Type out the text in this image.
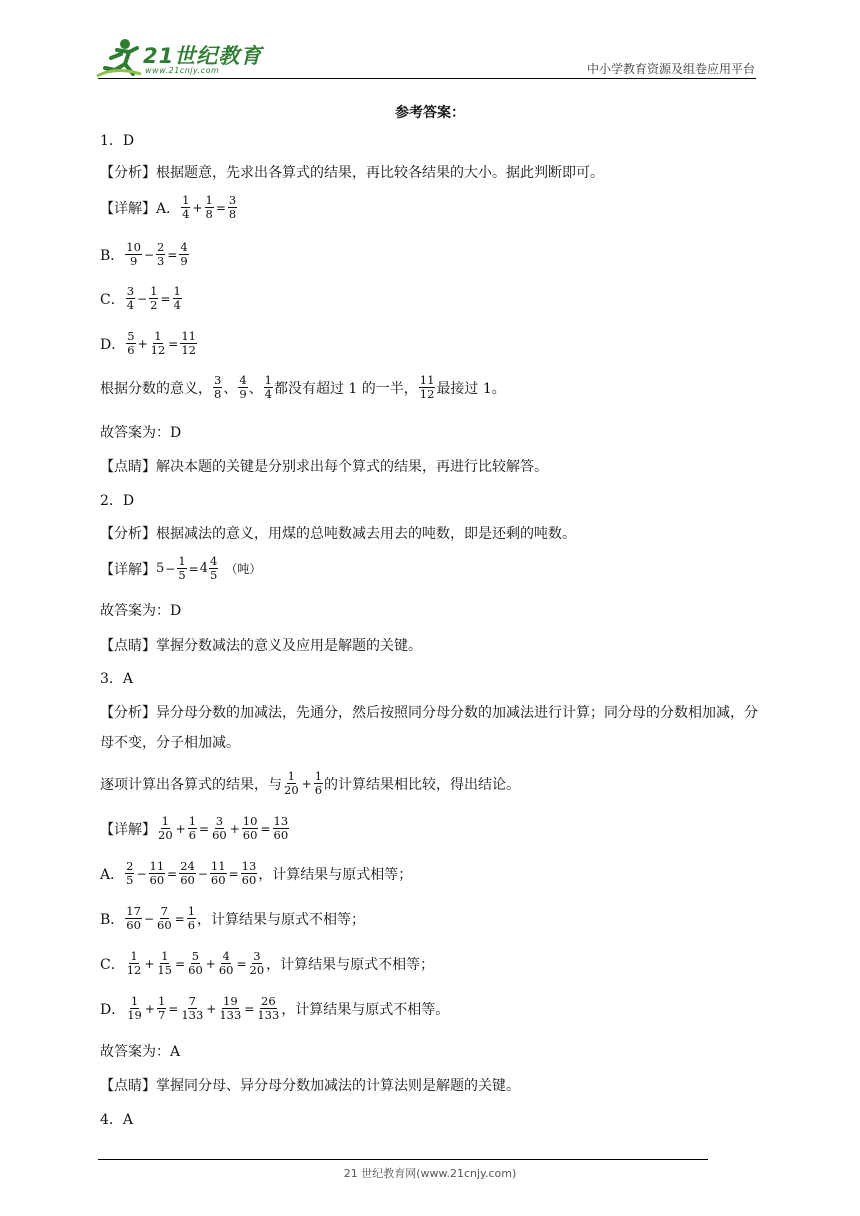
21世纪教育
www.21cnjy.com	中小学教育资源及组卷应用平台
参考答案：
1．D
【分析】根据题意，先求出各算式的结果，再比较各结果的大小。据此判断即可。
【详解】A． $\frac{1}{4} + \frac{1}{8} = \frac{3}{8}$
B． $\frac{10}{9} - \frac{2}{3} = \frac{4}{9}$
C． $\frac{3}{4} - \frac{1}{2} = \frac{1}{4}$
D． $\frac{5}{6} + \frac{1}{12} = \frac{11}{12}$
根据分数的意义， $\frac{3}{8}$ 、 $\frac{4}{9}$ 、 $\frac{1}{4}$ 都没有超过 1 的一半， $\frac{11}{12}$ 最接过 1。
故答案为：D
【点睛】解决本题的关键是分别求出每个算式的结果，再进行比较解答。
2．D
【分析】根据减法的意义，用煤的总吨数减去用去的吨数，即是还剩的吨数。
【详解】 $5 - \frac{1}{5} = 4 \frac{4}{5}$ （吨）
故答案为：D
【点睛】掌握分数减法的意义及应用是解题的关键。
3．A
【分析】异分母分数的加减法，先通分，然后按照同分母分数的加减法进行计算；同分母的分数相加减，分母不变，分子相加减。
逐项计算出各算式的结果，与 $\frac{1}{20} + \frac{1}{6}$ 的计算结果相比较，得出结论。
【详解】 $\frac{1}{20} + \frac{1}{6} = \frac{3}{60} + \frac{10}{60} = \frac{13}{60}$
A． $\frac{2}{5} - \frac{11}{60} = \frac{24}{60} - \frac{11}{60} = \frac{13}{60}$ ，计算结果与原式相等；
B． $\frac{17}{60} - \frac{7}{60} = \frac{1}{6}$ ，计算结果与原式不相等；
C． $\frac{1}{12} + \frac{1}{15} = \frac{5}{60} + \frac{4}{60} = \frac{3}{20}$ ，计算结果与原式不相等；
D． $\frac{1}{19} + \frac{1}{7} = \frac{7}{133} + \frac{19}{133} = \frac{26}{133}$ ，计算结果与原式不相等。
故答案为：A
【点睛】掌握同分母、异分母分数加减法的计算法则是解题的关键。
4．A
21 世纪教育网(www.21cnjy.com)
